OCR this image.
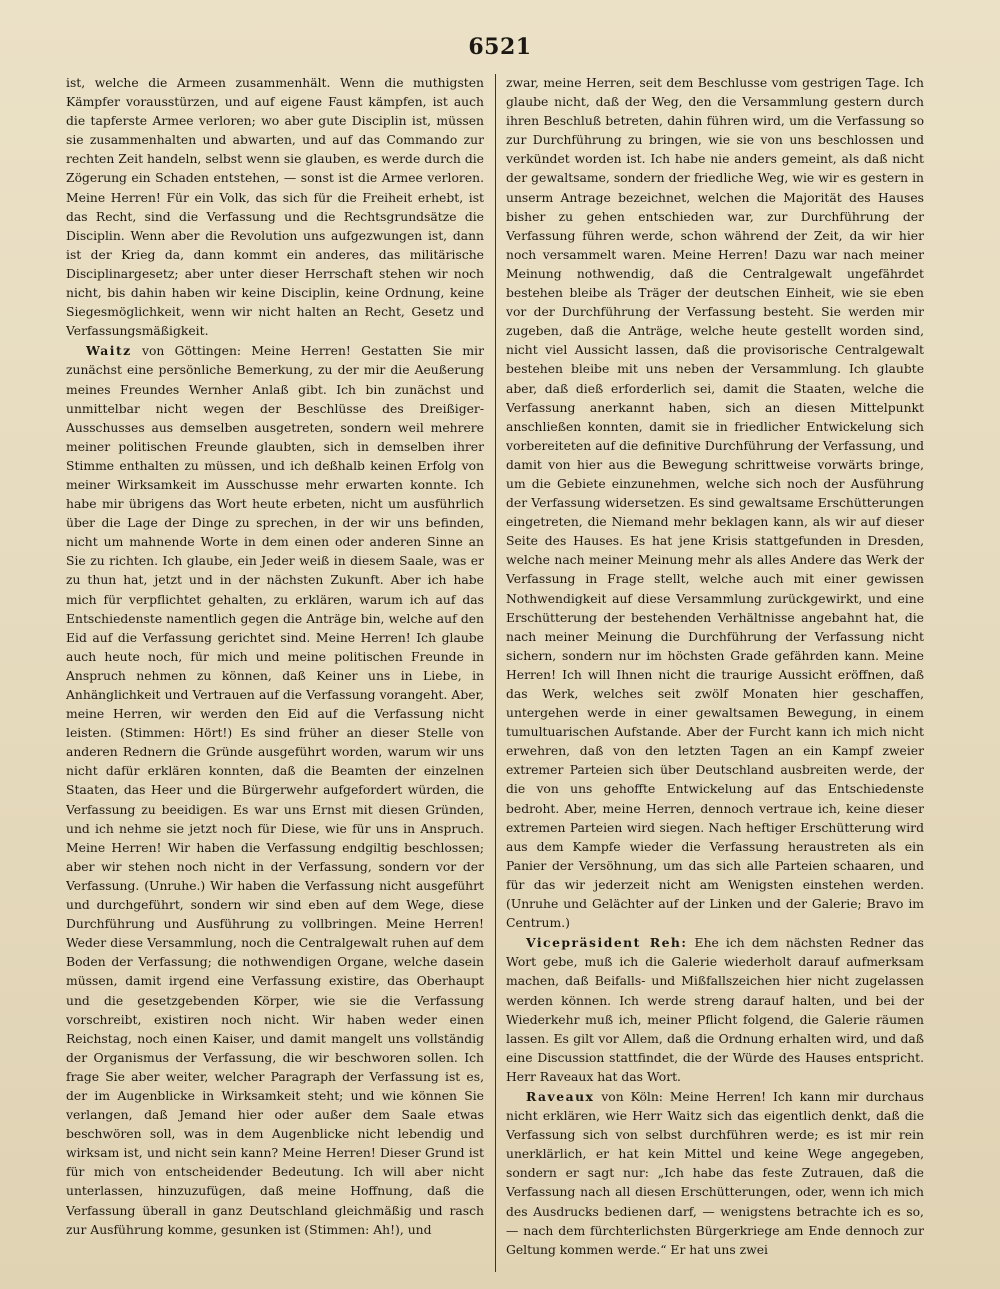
6521

ist, welche die Armeen zusammenhält. Wenn die muthigsten Kämpfer vorausstürzen, und auf eigene Faust kämpfen, ist auch die tapferste Armee verloren; wo aber gute Disciplin ist, müssen sie zusammenhalten und abwarten, und auf das Commando zur rechten Zeit handeln, selbst wenn sie glauben, es werde durch die Zögerung ein Schaden entstehen, — sonst ist die Armee verloren. Meine Herren! Für ein Volk, das sich für die Freiheit erhebt, ist das Recht, sind die Verfassung und die Rechtsgrundsätze die Disciplin. Wenn aber die Revolution uns aufgezwungen ist, dann ist der Krieg da, dann kommt ein anderes, das militärische Disciplinargesetz; aber unter dieser Herrschaft stehen wir noch nicht, bis dahin haben wir keine Disciplin, keine Ordnung, keine Siegesmöglichkeit, wenn wir nicht halten an Recht, Gesetz und Verfassungsmäßigkeit.

Waitz von Göttingen: Meine Herren! Gestatten Sie mir zunächst eine persönliche Bemerkung, zu der mir die Aeußerung meines Freundes Wernher Anlaß gibt. Ich bin zunächst und unmittelbar nicht wegen der Beschlüsse des Dreißiger-Ausschusses aus demselben ausgetreten, sondern weil mehrere meiner politischen Freunde glaubten, sich in demselben ihrer Stimme enthalten zu müssen, und ich deßhalb keinen Erfolg von meiner Wirksamkeit im Ausschusse mehr erwarten konnte. Ich habe mir übrigens das Wort heute erbeten, nicht um ausführlich über die Lage der Dinge zu sprechen, in der wir uns befinden, nicht um mahnende Worte in dem einen oder anderen Sinne an Sie zu richten. Ich glaube, ein Jeder weiß in diesem Saale, was er zu thun hat, jetzt und in der nächsten Zukunft. Aber ich habe mich für verpflichtet gehalten, zu erklären, warum ich auf das Entschiedenste namentlich gegen die Anträge bin, welche auf den Eid auf die Verfassung gerichtet sind. Meine Herren! Ich glaube auch heute noch, für mich und meine politischen Freunde in Anspruch nehmen zu können, daß Keiner uns in Liebe, in Anhänglichkeit und Vertrauen auf die Verfassung vorangeht. Aber, meine Herren, wir werden den Eid auf die Verfassung nicht leisten. (Stimmen: Hört!) Es sind früher an dieser Stelle von anderen Rednern die Gründe ausgeführt worden, warum wir uns nicht dafür erklären konnten, daß die Beamten der einzelnen Staaten, das Heer und die Bürgerwehr aufgefordert würden, die Verfassung zu beeidigen. Es war uns Ernst mit diesen Gründen, und ich nehme sie jetzt noch für Diese, wie für uns in Anspruch. Meine Herren! Wir haben die Verfassung endgiltig beschlossen; aber wir stehen noch nicht in der Verfassung, sondern vor der Verfassung. (Unruhe.) Wir haben die Verfassung nicht ausgeführt und durchgeführt, sondern wir sind eben auf dem Wege, diese Durchführung und Ausführung zu vollbringen. Meine Herren! Weder diese Versammlung, noch die Centralgewalt ruhen auf dem Boden der Verfassung; die nothwendigen Organe, welche dasein müssen, damit irgend eine Verfassung existire, das Oberhaupt und die gesetzgebenden Körper, wie sie die Verfassung vorschreibt, existiren noch nicht. Wir haben weder einen Reichstag, noch einen Kaiser, und damit mangelt uns vollständig der Organismus der Verfassung, die wir beschworen sollen. Ich frage Sie aber weiter, welcher Paragraph der Verfassung ist es, der im Augenblicke in Wirksamkeit steht; und wie können Sie verlangen, daß Jemand hier oder außer dem Saale etwas beschwören soll, was in dem Augenblicke nicht lebendig und wirksam ist, und nicht sein kann? Meine Herren! Dieser Grund ist für mich von entscheidender Bedeutung. Ich will aber nicht unterlassen, hinzuzufügen, daß meine Hoffnung, daß die Verfassung überall in ganz Deutschland gleichmäßig und rasch zur Ausführung komme, gesunken ist (Stimmen: Ah!), und

zwar, meine Herren, seit dem Beschlusse vom gestrigen Tage. Ich glaube nicht, daß der Weg, den die Versammlung gestern durch ihren Beschluß betreten, dahin führen wird, um die Verfassung so zur Durchführung zu bringen, wie sie von uns beschlossen und verkündet worden ist. Ich habe nie anders gemeint, als daß nicht der gewaltsame, sondern der friedliche Weg, wie wir es gestern in unserm Antrage bezeichnet, welchen die Majorität des Hauses bisher zu gehen entschieden war, zur Durchführung der Verfassung führen werde, schon während der Zeit, da wir hier noch versammelt waren. Meine Herren! Dazu war nach meiner Meinung nothwendig, daß die Centralgewalt ungefährdet bestehen bleibe als Träger der deutschen Einheit, wie sie eben vor der Durchführung der Verfassung besteht. Sie werden mir zugeben, daß die Anträge, welche heute gestellt worden sind, nicht viel Aussicht lassen, daß die provisorische Centralgewalt bestehen bleibe mit uns neben der Versammlung. Ich glaubte aber, daß dieß erforderlich sei, damit die Staaten, welche die Verfassung anerkannt haben, sich an diesen Mittelpunkt anschließen konnten, damit sie in friedlicher Entwickelung sich vorbereiteten auf die definitive Durchführung der Verfassung, und damit von hier aus die Bewegung schrittweise vorwärts bringe, um die Gebiete einzunehmen, welche sich noch der Ausführung der Verfassung widersetzen. Es sind gewaltsame Erschütterungen eingetreten, die Niemand mehr beklagen kann, als wir auf dieser Seite des Hauses. Es hat jene Krisis stattgefunden in Dresden, welche nach meiner Meinung mehr als alles Andere das Werk der Verfassung in Frage stellt, welche auch mit einer gewissen Nothwendigkeit auf diese Versammlung zurückgewirkt, und eine Erschütterung der bestehenden Verhältnisse angebahnt hat, die nach meiner Meinung die Durchführung der Verfassung nicht sichern, sondern nur im höchsten Grade gefährden kann. Meine Herren! Ich will Ihnen nicht die traurige Aussicht eröffnen, daß das Werk, welches seit zwölf Monaten hier geschaffen, untergehen werde in einer gewaltsamen Bewegung, in einem tumultuarischen Aufstande. Aber der Furcht kann ich mich nicht erwehren, daß von den letzten Tagen an ein Kampf zweier extremer Parteien sich über Deutschland ausbreiten werde, der die von uns gehoffte Entwickelung auf das Entschiedenste bedroht. Aber, meine Herren, dennoch vertraue ich, keine dieser extremen Parteien wird siegen. Nach heftiger Erschütterung wird aus dem Kampfe wieder die Verfassung heraustreten als ein Panier der Versöhnung, um das sich alle Parteien schaaren, und für das wir jederzeit nicht am Wenigsten einstehen werden. (Unruhe und Gelächter auf der Linken und der Galerie; Bravo im Centrum.)

Vicepräsident Reh: Ehe ich dem nächsten Redner das Wort gebe, muß ich die Galerie wiederholt darauf aufmerksam machen, daß Beifalls- und Mißfallszeichen hier nicht zugelassen werden können. Ich werde streng darauf halten, und bei der Wiederkehr muß ich, meiner Pflicht folgend, die Galerie räumen lassen. Es gilt vor Allem, daß die Ordnung erhalten wird, und daß eine Discussion stattfindet, die der Würde des Hauses entspricht. Herr Raveaux hat das Wort.

Raveaux von Köln: Meine Herren! Ich kann mir durchaus nicht erklären, wie Herr Waitz sich das eigentlich denkt, daß die Verfassung sich von selbst durchführen werde; es ist mir rein unerklärlich, er hat kein Mittel und keine Wege angegeben, sondern er sagt nur: „Ich habe das feste Zutrauen, daß die Verfassung nach all diesen Erschütterungen, oder, wenn ich mich des Ausdrucks bedienen darf, — wenigstens betrachte ich es so, — nach dem fürchterlichsten Bürgerkriege am Ende dennoch zur Geltung kommen werde.“ Er hat uns zwei
